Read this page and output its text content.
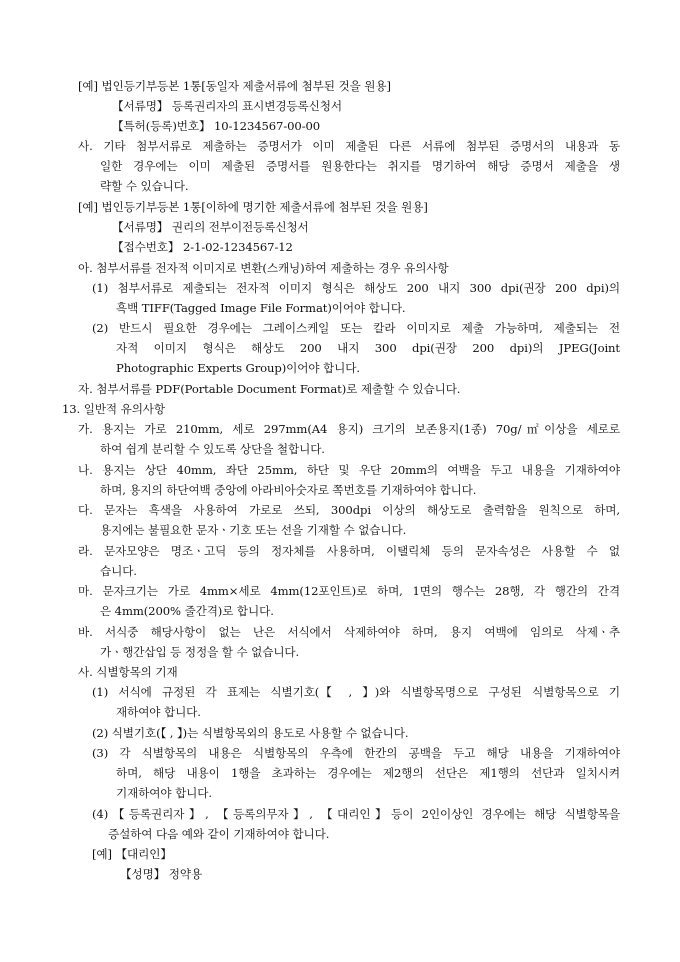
[예] 법인등기부등본 1통[동일자 제출서류에 첨부된 것을 원용]
【서류명】 등록권리자의 표시변경등록신청서
【특허(등록)번호】 10-1234567-00-00
사. 기타 첨부서류로 제출하는 증명서가 이미 제출된 다른 서류에 첨부된 증명서의 내용과 동
일한 경우에는 이미 제출된 증명서를 원용한다는 취지를 명기하여 해당 증명서 제출을 생
략할 수 있습니다.
[예] 법인등기부등본 1통[이하에 명기한 제출서류에 첨부된 것을 원용]
【서류명】 권리의 전부이전등록신청서
【접수번호】 2-1-02-1234567-12
아. 첨부서류를 전자적 이미지로 변환(스캐닝)하여 제출하는 경우 유의사항
(1) 첨부서류로 제출되는 전자적 이미지 형식은 해상도 200 내지 300 dpi(권장 200 dpi)의
흑백 TIFF(Tagged Image File Format)이어야 합니다.
(2) 반드시 필요한 경우에는 그레이스케일 또는 칼라 이미지로 제출 가능하며, 제출되는 전
자적 이미지 형식은 해상도 200 내지 300 dpi(권장 200 dpi)의 JPEG(Joint
Photographic Experts Group)이어야 합니다.
자. 첨부서류를 PDF(Portable Document Format)로 제출할 수 있습니다.
13. 일반적 유의사항
가. 용지는 가로 210mm, 세로 297mm(A4 용지) 크기의 보존용지(1종) 70g/㎡이상을 세로로
하여 쉽게 분리할 수 있도록 상단을 철합니다.
나. 용지는 상단 40mm, 좌단 25mm, 하단 및 우단 20mm의 여백을 두고 내용을 기재하여야
하며, 용지의 하단여백 중앙에 아라비아숫자로 쪽번호를 기재하여야 합니다.
다. 문자는 흑색을 사용하여 가로로 쓰되, 300dpi 이상의 해상도로 출력함을 원칙으로 하며,
용지에는 불필요한 문자ㆍ기호 또는 선을 기재할 수 없습니다.
라. 문자모양은 명조ㆍ고딕 등의 정자체를 사용하며, 이탤릭체 등의 문자속성은 사용할 수 없
습니다.
마. 문자크기는 가로 4mm×세로 4mm(12포인트)로 하며, 1면의 행수는 28행, 각 행간의 간격
은 4mm(200% 줄간격)로 합니다.
바. 서식중 해당사항이 없는 난은 서식에서 삭제하여야 하며, 용지 여백에 임의로 삭제ㆍ추
가ㆍ행간삽입 등 정정을 할 수 없습니다.
사. 식별항목의 기재
(1) 서식에 규정된 각 표제는 식별기호(【 , 】)와 식별항목명으로 구성된 식별항목으로 기
재하여야 합니다.
(2) 식별기호(【 , 】)는 식별항목외의 용도로 사용할 수 없습니다.
(3) 각 식별항목의 내용은 식별항목의 우측에 한칸의 공백을 두고 해당 내용을 기재하여야
하며, 해당 내용이 1행을 초과하는 경우에는 제2행의 선단은 제1행의 선단과 일치시켜
기재하여야 합니다.
(4)【등록권리자】, 【등록의무자】, 【대리인】등이 2인이상인 경우에는 해당 식별항목을
증설하여 다음 예와 같이 기재하여야 합니다.
[예] 【대리인】
【성명】 정약용
